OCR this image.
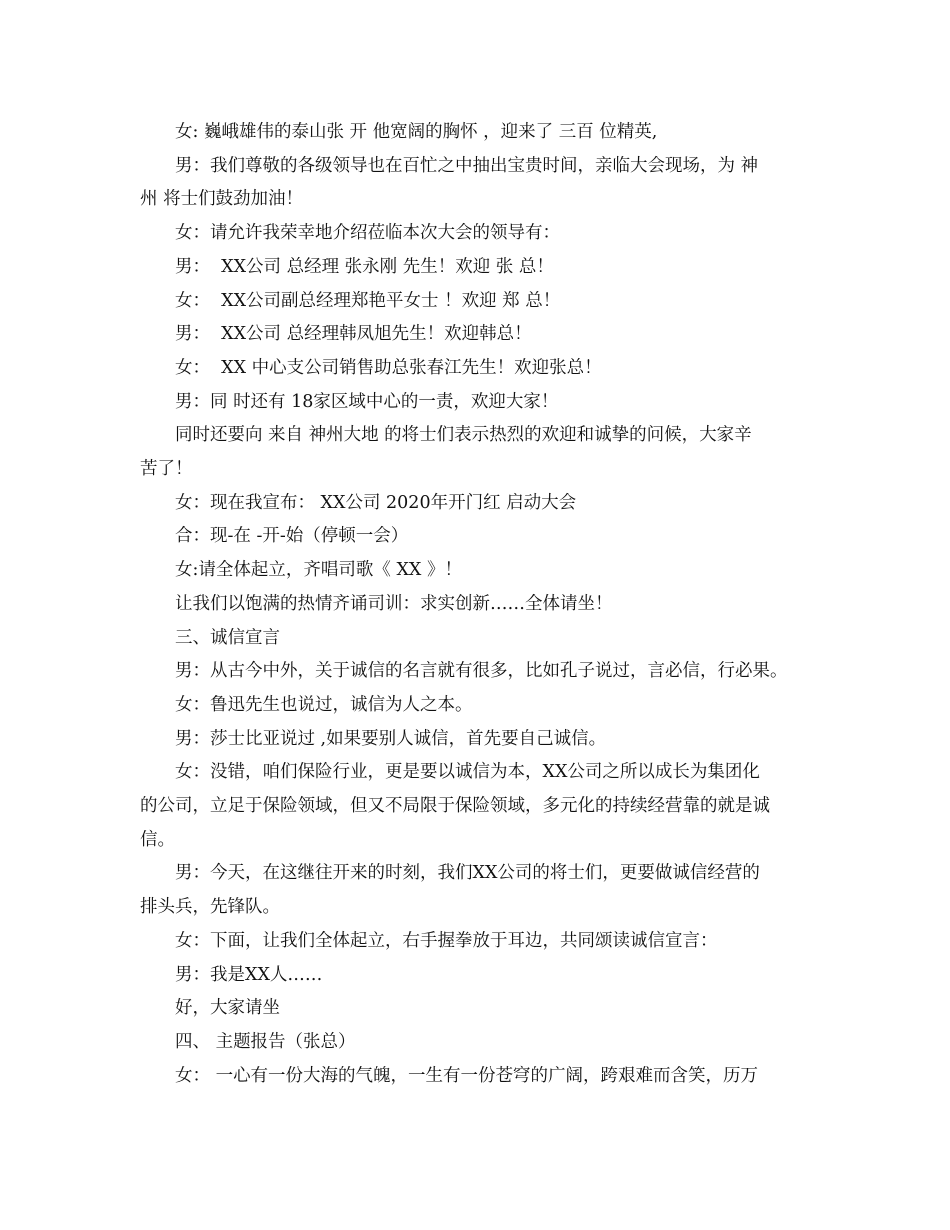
女: 巍峨雄伟的泰山张 开 他宽阔的胸怀 ，迎来了 三百 位精英,

男：我们尊敬的各级领导也在百忙之中抽出宝贵时间，亲临大会现场，为 神

州 将士们鼓劲加油！

女：请允许我荣幸地介绍莅临本次大会的领导有：

男：  XX公司 总经理 张永刚 先生！欢迎 张 总！

女：  XX公司副总经理郑艳平女士 ！欢迎 郑 总！

男：  XX公司 总经理韩凤旭先生！欢迎韩总！

女：  XX 中心支公司销售助总张春江先生！欢迎张总！

男：同 时还有 18家区域中心的一责，欢迎大家！

同时还要向 来自 神州大地 的将士们表示热烈的欢迎和诚挚的问候，大家辛

苦了！

女：现在我宣布： XX公司 2020年开门红 启动大会

合：现-在 -开-始（停顿一会）

女:请全体起立，齐唱司歌《 XX 》！

让我们以饱满的热情齐诵司训：求实创新……全体请坐！

三、诚信宣言

男：从古今中外，关于诚信的名言就有很多，比如孔子说过，言必信，行必果。

女：鲁迅先生也说过，诚信为人之本。

男：莎士比亚说过 ,如果要别人诚信，首先要自己诚信。

女：没错，咱们保险行业，更是要以诚信为本，XX公司之所以成长为集团化

的公司，立足于保险领域，但又不局限于保险领域，多元化的持续经营靠的就是诚

信。

男：今天，在这继往开来的时刻，我们XX公司的将士们，更要做诚信经营的

排头兵，先锋队。

女：下面，让我们全体起立，右手握拳放于耳边，共同颂读诚信宣言：

男：我是XX人……

好，大家请坐

四、 主题报告（张总）

女： 一心有一份大海的气魄，一生有一份苍穹的广阔，跨艰难而含笑，历万
